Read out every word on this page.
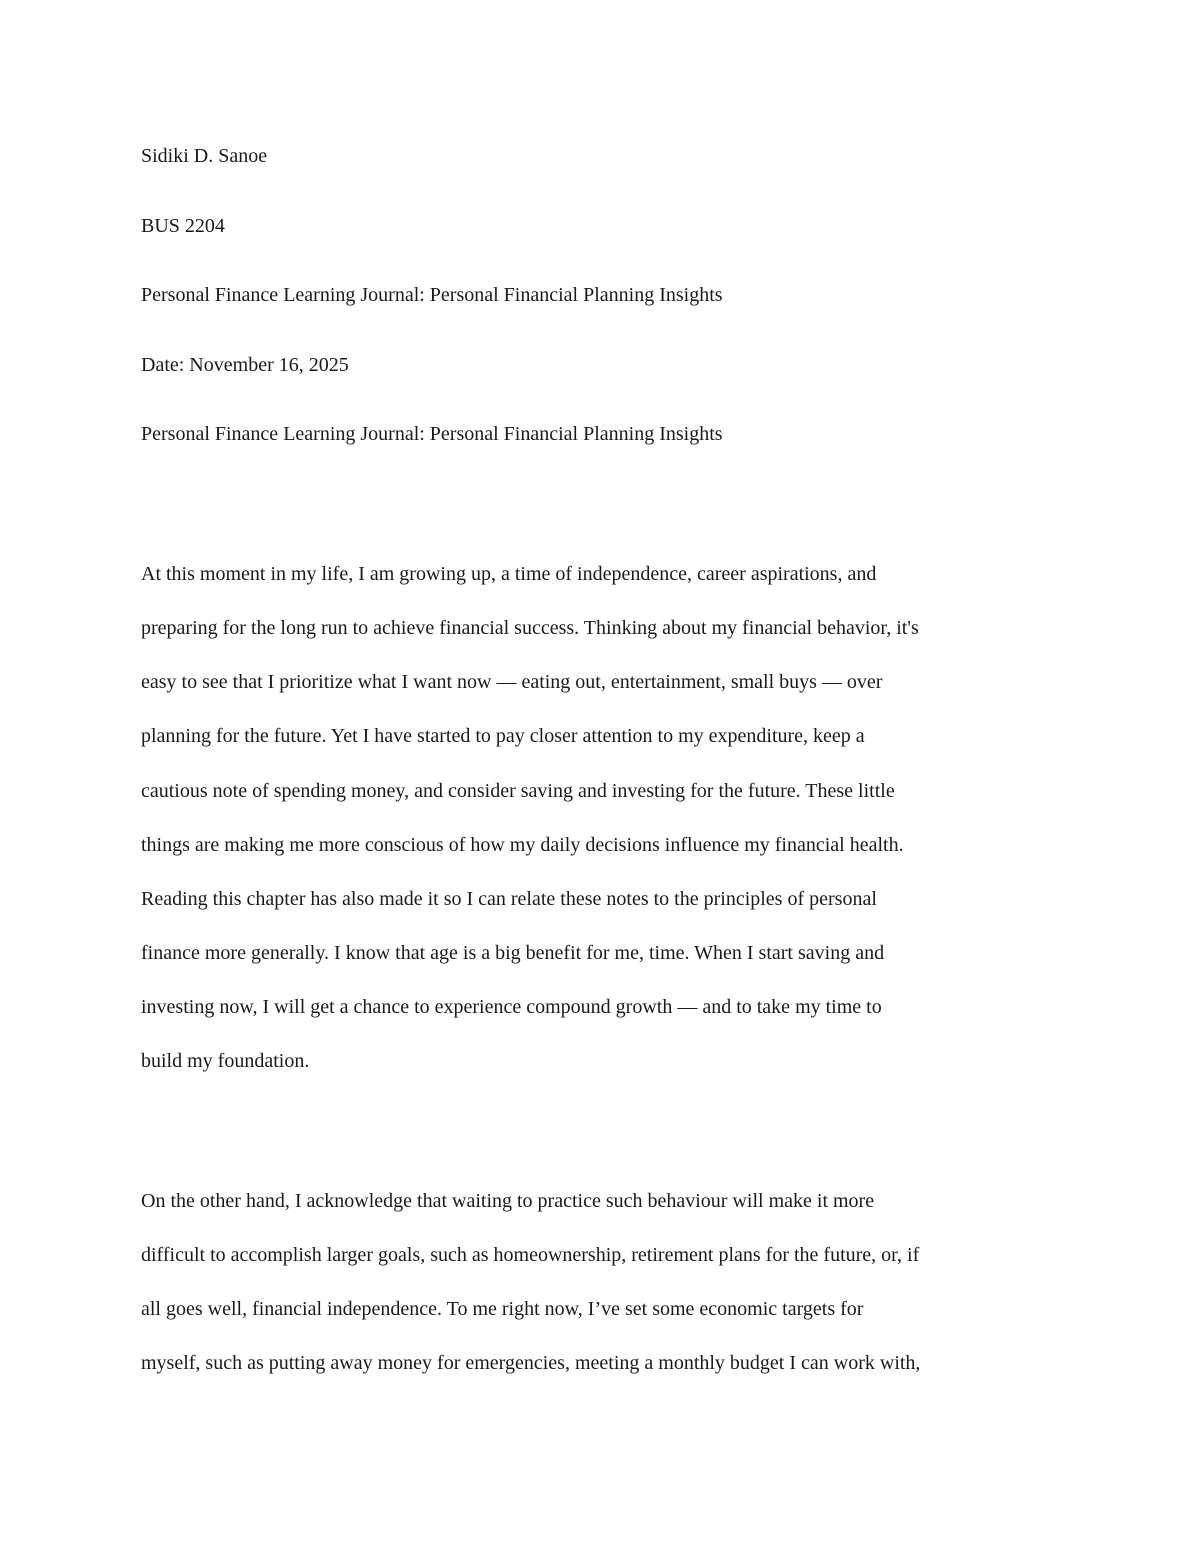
Sidiki D. Sanoe
BUS 2204
Personal Finance Learning Journal: Personal Financial Planning Insights
Date: November 16, 2025
Personal Finance Learning Journal: Personal Financial Planning Insights
At this moment in my life, I am growing up, a time of independence, career aspirations, and
preparing for the long run to achieve financial success. Thinking about my financial behavior, it's
easy to see that I prioritize what I want now — eating out, entertainment, small buys — over
planning for the future. Yet I have started to pay closer attention to my expenditure, keep a
cautious note of spending money, and consider saving and investing for the future. These little
things are making me more conscious of how my daily decisions influence my financial health.
Reading this chapter has also made it so I can relate these notes to the principles of personal
finance more generally. I know that age is a big benefit for me, time. When I start saving and
investing now, I will get a chance to experience compound growth — and to take my time to
build my foundation.
On the other hand, I acknowledge that waiting to practice such behaviour will make it more
difficult to accomplish larger goals, such as homeownership, retirement plans for the future, or, if
all goes well, financial independence. To me right now, I’ve set some economic targets for
myself, such as putting away money for emergencies, meeting a monthly budget I can work with,
